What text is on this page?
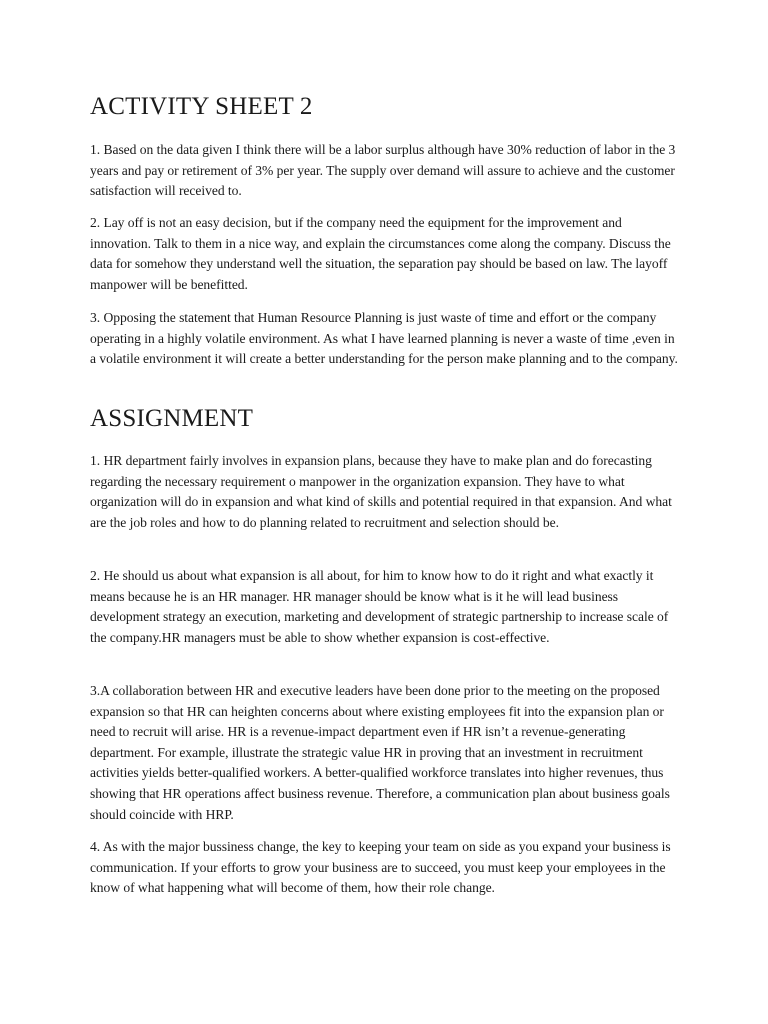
ACTIVITY SHEET 2

1. Based on the data given I think there will be a labor surplus although have 30% reduction of labor in the 3 years and pay or retirement of 3% per year. The supply over demand will assure to achieve and the customer satisfaction will received to.

2. Lay off is not an easy decision, but if the company need the equipment for the improvement and innovation. Talk to them in a nice way, and explain the circumstances come along the company. Discuss the data for somehow they understand well the situation, the separation pay should be based on law. The layoff manpower will be benefitted.

3. Opposing the statement that Human Resource Planning is just waste of time and effort or the company operating in a highly volatile environment. As what I have learned planning is never a waste of time ,even in a volatile environment it will create a better understanding for the person make planning and to the company.

ASSIGNMENT

1. HR department fairly involves in expansion plans, because they have to make plan and do forecasting regarding the necessary requirement o manpower in the organization expansion. They have to what organization will do in expansion and what kind of skills and potential required in that expansion. And what are the job roles and how to do planning related to recruitment and selection should be.

2. He should us about what expansion is all about, for him to know how to do it right and what exactly it means because he is an HR manager. HR manager should be know what is it he will lead business development strategy an execution, marketing and development of strategic partnership to increase scale of the company.HR managers must be able to show whether expansion is cost-effective.

3.A collaboration between HR and executive leaders have been done prior to the meeting on the proposed expansion so that HR can heighten concerns about where existing employees fit into the expansion plan or need to recruit will arise. HR is a revenue-impact department even if HR isn’t a revenue-generating department. For example, illustrate the strategic value HR in proving that an investment in recruitment activities yields better-qualified workers. A better-qualified workforce translates into higher revenues, thus showing that HR operations affect business revenue. Therefore, a communication plan about business goals should coincide with HRP.

4. As with the major bussiness change, the key to keeping your team on side as you expand your business is communication. If your efforts to grow your business are to succeed, you must keep your employees in the know of what happening what will become of them, how their role change.
